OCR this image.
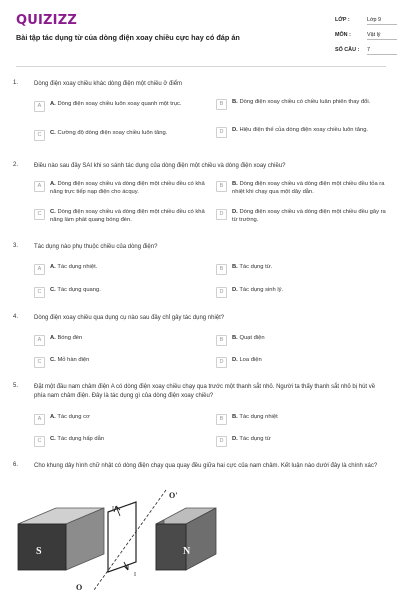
QUIZIZZ
Bài tập tác dụng từ của dòng điện xoay chiều cực hay có đáp án
LỚP :	Lớp 9
MÔN :	Vật lý
SỐ CÂU :	7
1.	Dòng điện xoay chiều khác dòng điện một chiều ở điểm
A	A. Dòng điện xoay chiều luôn xoay quanh một trục.	B	B. Dòng điện xoay chiều có chiều luân phiên thay đổi.
C	C. Cường độ dòng điện xoay chiều luôn tăng.	D	D. Hiệu điện thế của dòng điện xoay chiều luôn tăng.
2.	Điều nào sau đây SAI khi so sánh tác dụng của dòng điện một chiều và dòng điện xoay chiều?
A	A. Dòng điện xoay chiều và dòng điện một chiều đều có khả năng trực tiếp nạp điện cho ácquy.
B	B. Dòng điện xoay chiều và dòng điện một chiều đều tỏa ra nhiệt khi chạy qua một dây dẫn.
C	C. Dòng điện xoay chiều và dòng điện một chiều đều có khả năng làm phát quang bóng đèn.
D	D. Dòng điện xoay chiều và dòng điện một chiều đều gây ra từ trường.
3.	Tác dụng nào phụ thuộc chiều của dòng điện?
A	A. Tác dụng nhiệt.	B	B. Tác dụng từ.
C	C. Tác dụng quang.	D	D. Tác dụng sinh lý.
4.	Dòng điện xoay chiều qua dụng cụ nào sau đây chỉ gây tác dụng nhiệt?
A	A. Bóng đèn	B	B. Quạt điện
C	C. Mỏ hàn điện	D	D. Loa điện
5.	Đặt một đầu nam châm điện A có dòng điện xoay chiều chạy qua trước một thanh sắt nhỏ. Người ta thấy thanh sắt nhỏ bị hút về phía nam châm điện. Đây là tác dụng gì của dòng điện xoay chiều?
A	A. Tác dụng cơ	B	B. Tác dụng nhiệt
C	C. Tác dụng hấp dẫn	D	D. Tác dụng từ
6.	Cho khung dây hình chữ nhật có dòng điện chạy qua quay đều giữa hai cực của nam châm. Kết luận nào dưới đây là chính xác?
S	N
I
I
O'
O
